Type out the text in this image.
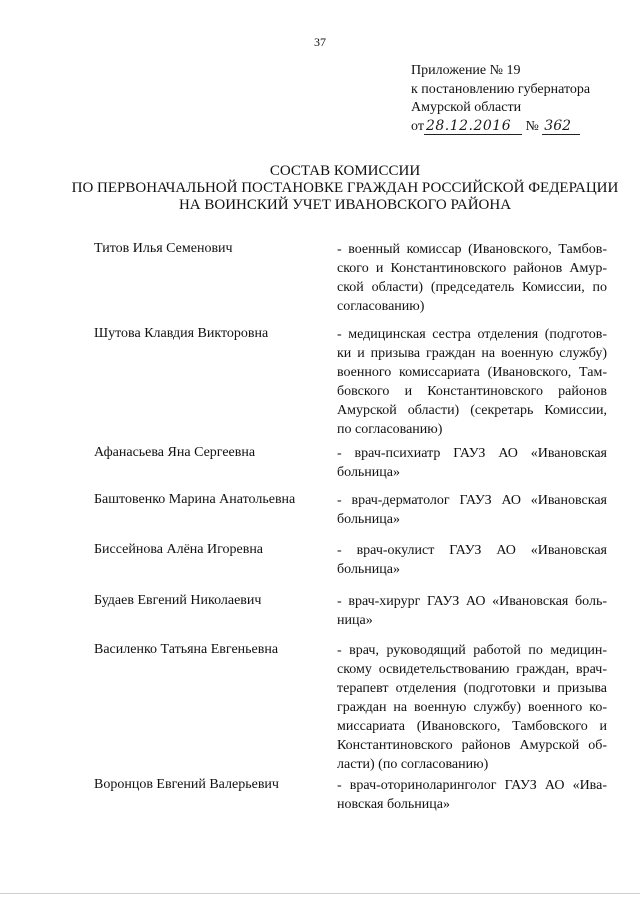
37
Приложение № 19
к постановлению губернатора
Амурской области
от 28.12.2016 № 362
СОСТАВ КОМИССИИ
ПО ПЕРВОНАЧАЛЬНОЙ ПОСТАНОВКЕ ГРАЖДАН РОССИЙСКОЙ ФЕДЕРАЦИИ
НА ВОИНСКИЙ УЧЕТ ИВАНОВСКОГО РАЙОНА
Титов Илья Семенович	- военный комиссар (Ивановского, Тамбов-
ского и Константиновского районов Амур-
ской области) (председатель Комиссии, по
согласованию)
Шутова Клавдия Викторовна	- медицинская сестра отделения (подготов-
ки и призыва граждан на военную службу)
военного комиссариата (Ивановского, Там-
бовского и Константиновского районов
Амурской области) (секретарь Комиссии,
по согласованию)
Афанасьева Яна Сергеевна	- врач-психиатр ГАУЗ АО «Ивановская
больница»
Баштовенко Марина Анатольевна	- врач-дерматолог ГАУЗ АО «Ивановская
больница»
Биссейнова Алёна Игоревна	- врач-окулист ГАУЗ АО «Ивановская
больница»
Будаев Евгений Николаевич	- врач-хирург ГАУЗ АО «Ивановская боль-
ница»
Василенко Татьяна Евгеньевна	- врач, руководящий работой по медицин-
скому освидетельствованию граждан, врач-
терапевт отделения (подготовки и призыва
граждан на военную службу) военного ко-
миссариата (Ивановского, Тамбовского и
Константиновского районов Амурской об-
ласти) (по согласованию)
Воронцов Евгений Валерьевич	- врач-оториноларинголог ГАУЗ АО «Ива-
новская больница»
